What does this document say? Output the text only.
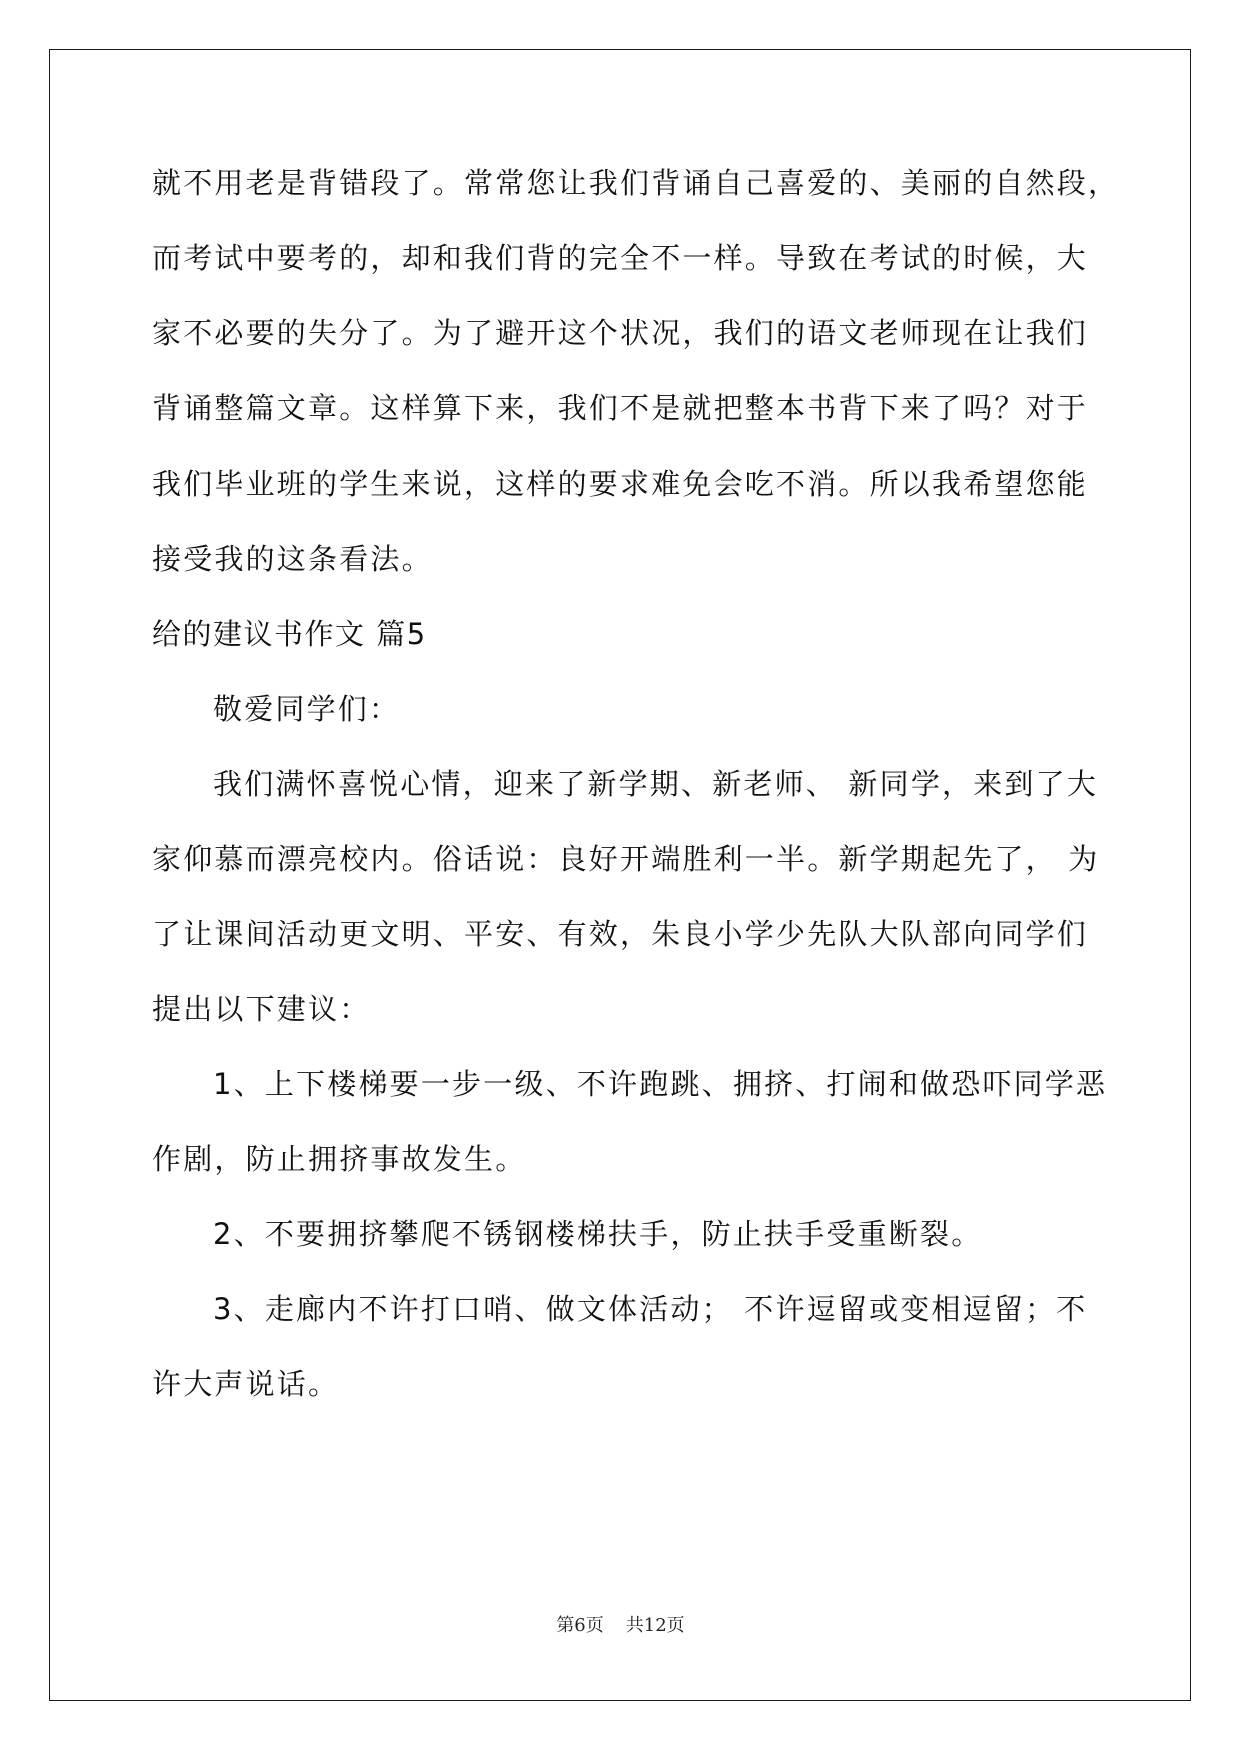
就不用老是背错段了。常常您让我们背诵自己喜爱的、美丽的自然段，
而考试中要考的，却和我们背的完全不一样。导致在考试的时候，大
家不必要的失分了。为了避开这个状况，我们的语文老师现在让我们
背诵整篇文章。这样算下来，我们不是就把整本书背下来了吗？对于
我们毕业班的学生来说，这样的要求难免会吃不消。所以我希望您能
接受我的这条看法。
给的建议书作文 篇5
敬爱同学们：
我们满怀喜悦心情，迎来了新学期、新老师、 新同学，来到了大
家仰慕而漂亮校内。俗话说：良好开端胜利一半。新学期起先了， 为
了让课间活动更文明、平安、有效，朱良小学少先队大队部向同学们
提出以下建议：
1、上下楼梯要一步一级、不许跑跳、拥挤、打闹和做恐吓同学恶
作剧，防止拥挤事故发生。
2、不要拥挤攀爬不锈钢楼梯扶手，防止扶手受重断裂。
3、走廊内不许打口哨、做文体活动； 不许逗留或变相逗留；不
许大声说话。
第6页 共12页
